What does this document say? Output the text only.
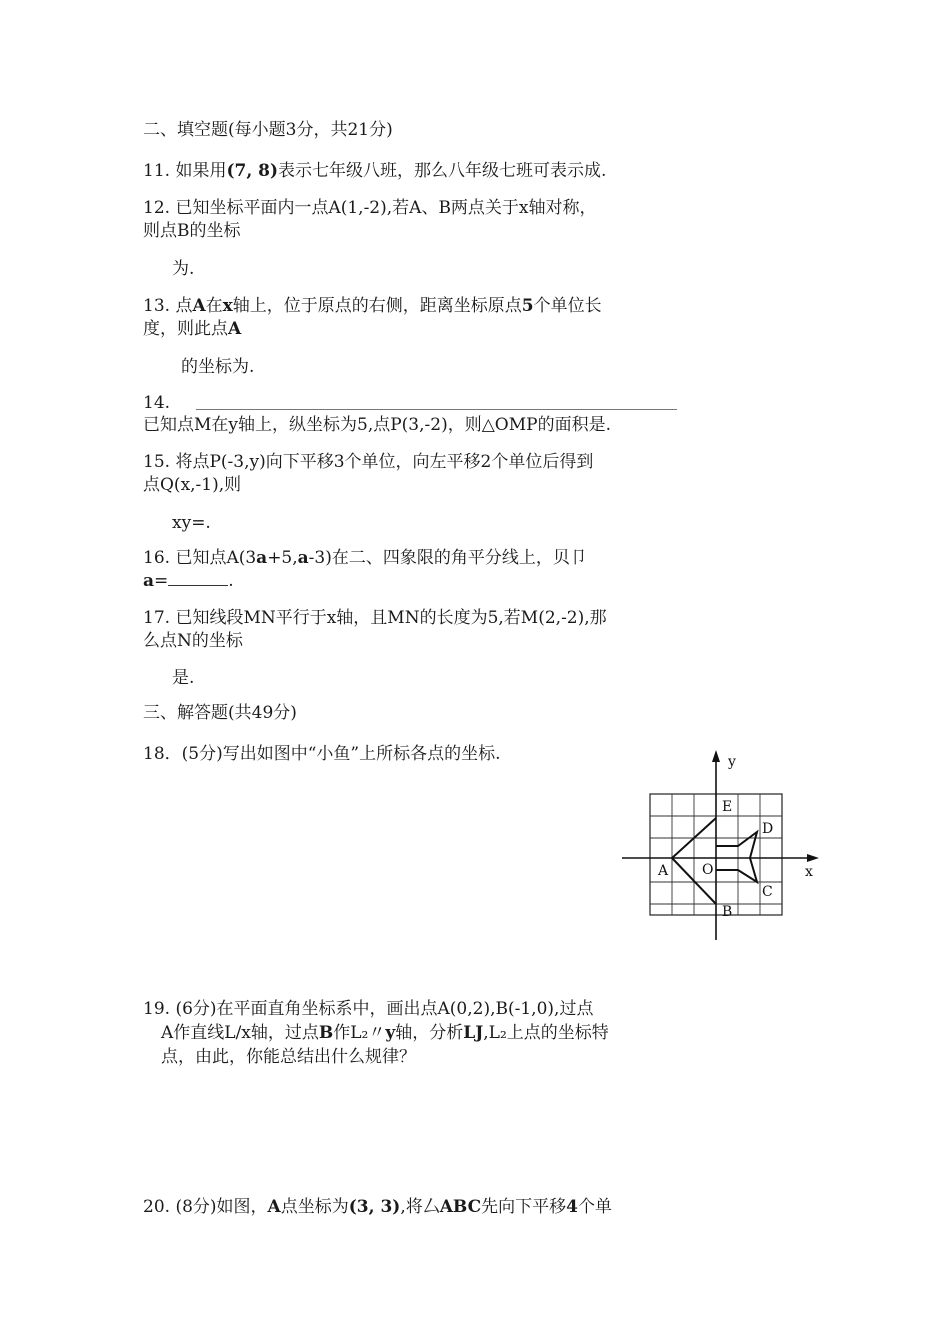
二、填空题(每小题3分，共21分)

11. 如果用(7, 8)表示七年级八班，那么八年级七班可表示成.

12. 已知坐标平面内一点A(1,-2),若A、B两点关于x轴对称，

则点B的坐标

为.

13. 点A在x轴上，位于原点的右侧，距离坐标原点5个单位长

度，则此点A

的坐标为.

14.

已知点M在y轴上，纵坐标为5,点P(3,-2)，则△OMP的面积是.

15. 将点P(-3,y)向下平移3个单位，向左平移2个单位后得到

点Q(x,-1),则

xy=.

16. 已知点A(3a+5,a-3)在二、四象限的角平分线上，贝卩

a=	.

17. 已知线段MN平行于x轴，且MN的长度为5,若M(2,-2),那

么点N的坐标

是.

三、解答题(共49分)

18．(5分)写出如图中“小鱼”上所标各点的坐标.	y
x
O
A
B
C
D
E

19. (6分)在平面直角坐标系中，画出点A(0,2),B(-1,0),过点

A作直线L/x轴，过点B作L₂〃y轴，分析LJ,L₂上点的坐标特

点，由此，你能总结出什么规律？

20. (8分)如图，A点坐标为(3, 3),将厶ABC先向下平移4个单
